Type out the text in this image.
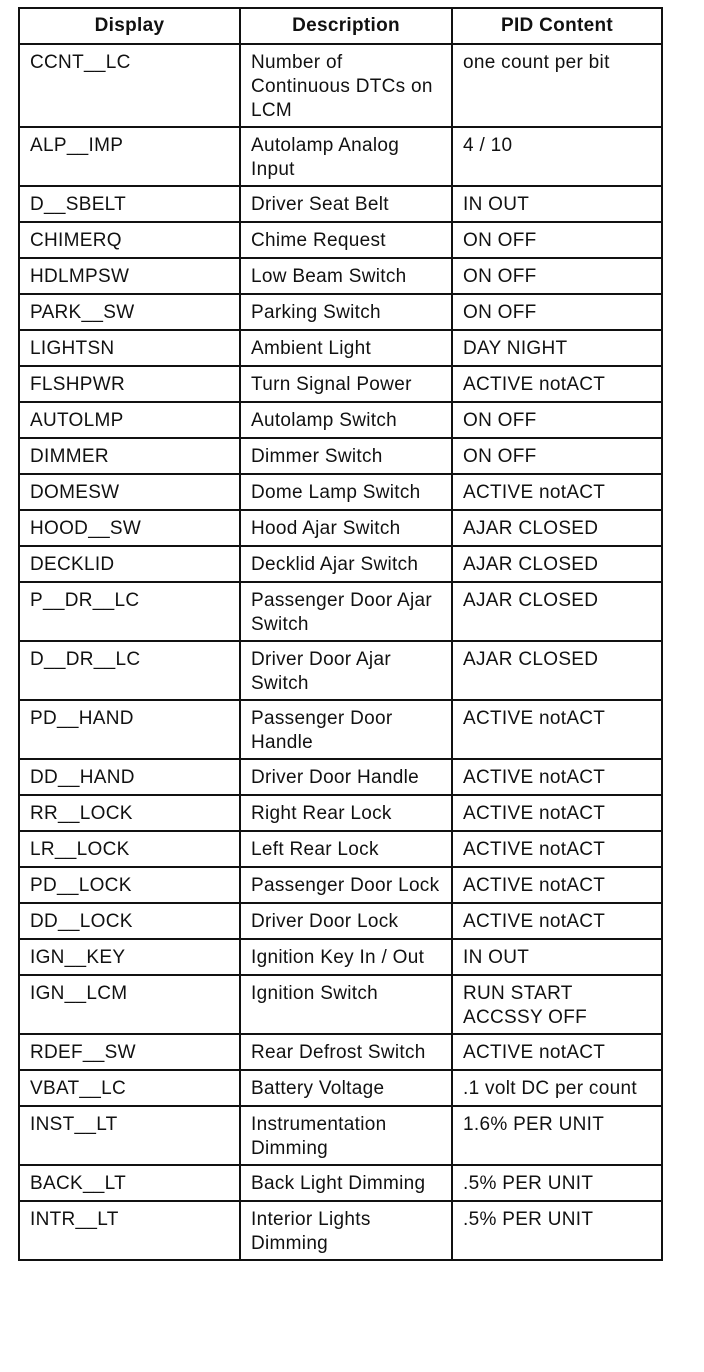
Display	Description	PID Content
CCNT__LC	Number of Continuous DTCs on LCM	one count per bit
ALP__IMP	Autolamp Analog Input	4 / 10
D__SBELT	Driver Seat Belt	IN OUT
CHIMERQ	Chime Request	ON OFF
HDLMPSW	Low Beam Switch	ON OFF
PARK__SW	Parking Switch	ON OFF
LIGHTSN	Ambient Light	DAY NIGHT
FLSHPWR	Turn Signal Power	ACTIVE notACT
AUTOLMP	Autolamp Switch	ON OFF
DIMMER	Dimmer Switch	ON OFF
DOMESW	Dome Lamp Switch	ACTIVE notACT
HOOD__SW	Hood Ajar Switch	AJAR CLOSED
DECKLID	Decklid Ajar Switch	AJAR CLOSED
P__DR__LC	Passenger Door Ajar Switch	AJAR CLOSED
D__DR__LC	Driver Door Ajar Switch	AJAR CLOSED
PD__HAND	Passenger Door Handle	ACTIVE notACT
DD__HAND	Driver Door Handle	ACTIVE notACT
RR__LOCK	Right Rear Lock	ACTIVE notACT
LR__LOCK	Left Rear Lock	ACTIVE notACT
PD__LOCK	Passenger Door Lock	ACTIVE notACT
DD__LOCK	Driver Door Lock	ACTIVE notACT
IGN__KEY	Ignition Key In / Out	IN OUT
IGN__LCM	Ignition Switch	RUN START ACCSSY OFF
RDEF__SW	Rear Defrost Switch	ACTIVE notACT
VBAT__LC	Battery Voltage	.1 volt DC per count
INST__LT	Instrumentation Dimming	1.6% PER UNIT
BACK__LT	Back Light Dimming	.5% PER UNIT
INTR__LT	Interior Lights Dimming	.5% PER UNIT
